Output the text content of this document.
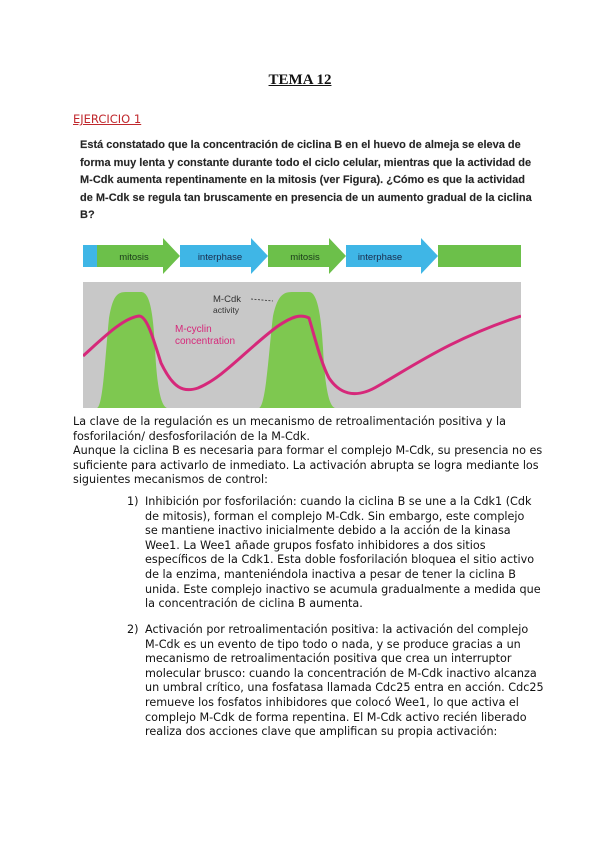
TEMA 12
EJERCICIO 1
Está constatado que la concentración de ciclina B en el huevo de almeja se eleva de
forma muy lenta y constante durante todo el ciclo celular, mientras que la actividad de
M-Cdk aumenta repentinamente en la mitosis (ver Figura). ¿Cómo es que la actividad
de M-Cdk se regula tan bruscamente en presencia de un aumento gradual de la ciclina
B?
mitosis	interphase	mitosis	interphase
M-Cdk
activity
M-cyclin
concentration
La clave de la regulación es un mecanismo de retroalimentación positiva y la
fosforilación/ desfosforilación de la M-Cdk.
Aunque la ciclina B es necesaria para formar el complejo M-Cdk, su presencia no es
suficiente para activarlo de inmediato. La activación abrupta se logra mediante los
siguientes mecanismos de control:
1) Inhibición por fosforilación: cuando la ciclina B se une a la Cdk1 (Cdk
de mitosis), forman el complejo M-Cdk. Sin embargo, este complejo
se mantiene inactivo inicialmente debido a la acción de la kinasa
Wee1. La Wee1 añade grupos fosfato inhibidores a dos sitios
específicos de la Cdk1. Esta doble fosforilación bloquea el sitio activo
de la enzima, manteniéndola inactiva a pesar de tener la ciclina B
unida. Este complejo inactivo se acumula gradualmente a medida que
la concentración de ciclina B aumenta.
2) Activación por retroalimentación positiva: la activación del complejo
M-Cdk es un evento de tipo todo o nada, y se produce gracias a un
mecanismo de retroalimentación positiva que crea un interruptor
molecular brusco: cuando la concentración de M-Cdk inactivo alcanza
un umbral crítico, una fosfatasa llamada Cdc25 entra en acción. Cdc25
remueve los fosfatos inhibidores que colocó Wee1, lo que activa el
complejo M-Cdk de forma repentina. El M-Cdk activo recién liberado
realiza dos acciones clave que amplifican su propia activación:
